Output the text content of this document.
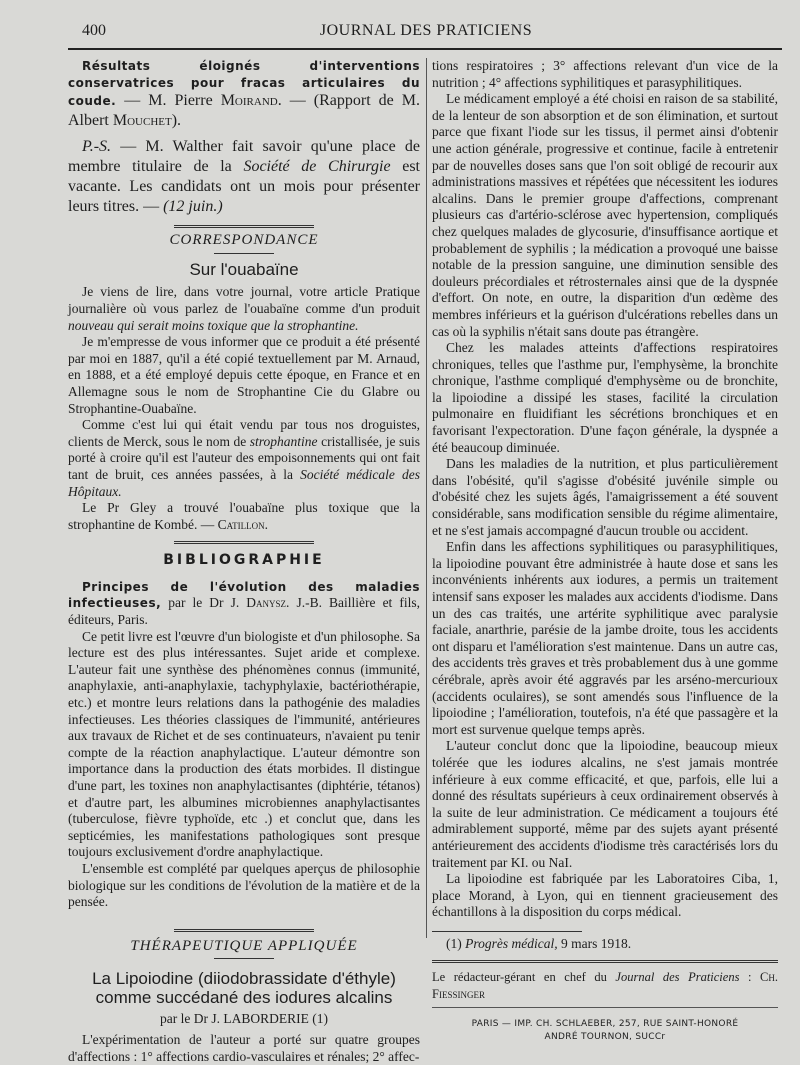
400	JOURNAL DES PRATICIENS

Résultats éloignés d'interventions conservatrices pour fracas articulaires du coude. — M. Pierre Moirand. — (Rapport de M. Albert Mouchet).

P.-S. — M. Walther fait savoir qu'une place de membre titulaire de la Société de Chirurgie est vacante. Les candidats ont un mois pour présenter leurs titres. — (12 juin.)

CORRESPONDANCE
Sur l'ouabaïne

Je viens de lire, dans votre journal, votre article Pratique journalière où vous parlez de l'ouabaïne comme d'un produit nouveau qui serait moins toxique que la strophantine.

Je m'empresse de vous informer que ce produit a été présenté par moi en 1887, qu'il a été copié textuellement par M. Arnaud, en 1888, et a été employé depuis cette époque, en France et en Allemagne sous le nom de Strophantine Cie du Glabre ou Strophantine-Ouabaïne.

Comme c'est lui qui était vendu par tous nos droguistes, clients de Merck, sous le nom de strophantine cristallisée, je suis porté à croire qu'il est l'auteur des empoisonnements qui ont fait tant de bruit, ces années passées, à la Société médicale des Hôpitaux.

Le Pr Gley a trouvé l'ouabaïne plus toxique que la strophantine de Kombé. — Catillon.

BIBLIOGRAPHIE

Principes de l'évolution des maladies infectieuses, par le Dr J. Danysz. J.-B. Baillière et fils, éditeurs, Paris.

Ce petit livre est l'œuvre d'un biologiste et d'un philosophe. Sa lecture est des plus intéressantes. Sujet aride et complexe. L'auteur fait une synthèse des phénomènes connus (immunité, anaphylaxie, anti-anaphylaxie, tachyphylaxie, bactériothérapie, etc.) et montre leurs relations dans la pathogénie des maladies infectieuses. Les théories classiques de l'immunité, antérieures aux travaux de Richet et de ses continuateurs, n'avaient pu tenir compte de la réaction anaphylactique. L'auteur démontre son importance dans la production des états morbides. Il distingue d'une part, les toxines non anaphylactisantes (diphtérie, tétanos) et d'autre part, les albumines microbiennes anaphylactisantes (tuberculose, fièvre typhoïde, etc .) et conclut que, dans les septicémies, les manifestations pathologiques sont presque toujours exclusivement d'ordre anaphylactique.

L'ensemble est complété par quelques aperçus de philosophie biologique sur les conditions de l'évolution de la matière et de la pensée.

THÉRAPEUTIQUE APPLIQUÉE
La Lipoiodine (diiodobrassidate d'éthyle)
comme succédané des iodures alcalins
par le Dr J. LABORDERIE (1)

L'expérimentation de l'auteur a porté sur quatre groupes d'affections : 1° affections cardio-vasculaires et rénales; 2° affec-

tions respiratoires ; 3° affections relevant d'un vice de la nutrition ; 4° affections syphilitiques et parasyphilitiques.

Le médicament employé a été choisi en raison de sa stabilité, de la lenteur de son absorption et de son élimination, et surtout parce que fixant l'iode sur les tissus, il permet ainsi d'obtenir une action générale, progressive et continue, facile à entretenir par de nouvelles doses sans que l'on soit obligé de recourir aux administrations massives et répétées que nécessitent les iodures alcalins. Dans le premier groupe d'affections, comprenant plusieurs cas d'artério-sclérose avec hypertension, compliqués chez quelques malades de glycosurie, d'insuffisance aortique et probablement de syphilis ; la médication a provoqué une baisse notable de la pression sanguine, une diminution sensible des douleurs précordiales et rétrosternales ainsi que de la dyspnée d'effort. On note, en outre, la disparition d'un œdème des membres inférieurs et la guérison d'ulcérations rebelles dans un cas où la syphilis n'était sans doute pas étrangère.

Chez les malades atteints d'affections respiratoires chroniques, telles que l'asthme pur, l'emphysème, la bronchite chronique, l'asthme compliqué d'emphysème ou de bronchite, la lipoiodine a dissipé les stases, facilité la circulation pulmonaire en fluidifiant les sécrétions bronchiques et en favorisant l'expectoration. D'une façon générale, la dyspnée a été beaucoup diminuée.

Dans les maladies de la nutrition, et plus particulièrement dans l'obésité, qu'il s'agisse d'obésité juvénile simple ou d'obésité chez les sujets âgés, l'amaigrissement a été souvent considérable, sans modification sensible du régime alimentaire, et ne s'est jamais accompagné d'aucun trouble ou accident.

Enfin dans les affections syphilitiques ou parasyphilitiques, la lipoiodine pouvant être administrée à haute dose et sans les inconvénients inhérents aux iodures, a permis un traitement intensif sans exposer les malades aux accidents d'iodisme. Dans un des cas traités, une artérite syphilitique avec paralysie faciale, anarthrie, parésie de la jambe droite, tous les accidents ont disparu et l'amélioration s'est maintenue. Dans un autre cas, des accidents très graves et très probablement dus à une gomme cérébrale, après avoir été aggravés par les arséno-mercurioux (accidents oculaires), se sont amendés sous l'influence de la lipoiodine ; l'amélioration, toutefois, n'a été que passagère et la mort est survenue quelque temps après.

L'auteur conclut donc que la lipoiodine, beaucoup mieux tolérée que les iodures alcalins, ne s'est jamais montrée inférieure à eux comme efficacité, et que, parfois, elle lui a donné des résultats supérieurs à ceux ordinairement observés à la suite de leur administration. Ce médicament a toujours été admirablement supporté, même par des sujets ayant présenté antérieurement des accidents d'iodisme très caractérisés lors du traitement par KI. ou NaI.

La lipoiodine est fabriquée par les Laboratoires Ciba, 1, place Morand, à Lyon, qui en tiennent gracieusement des échantillons à la disposition du corps médical.

(1) Progrès médical, 9 mars 1918.

Le rédacteur-gérant en chef du Journal des Praticiens : Ch. Fiessinger

PARIS — IMP. CH. SCHLAEBER, 257, RUE SAINT-HONORÉ
ANDRÉ TOURNON, SUCCr
